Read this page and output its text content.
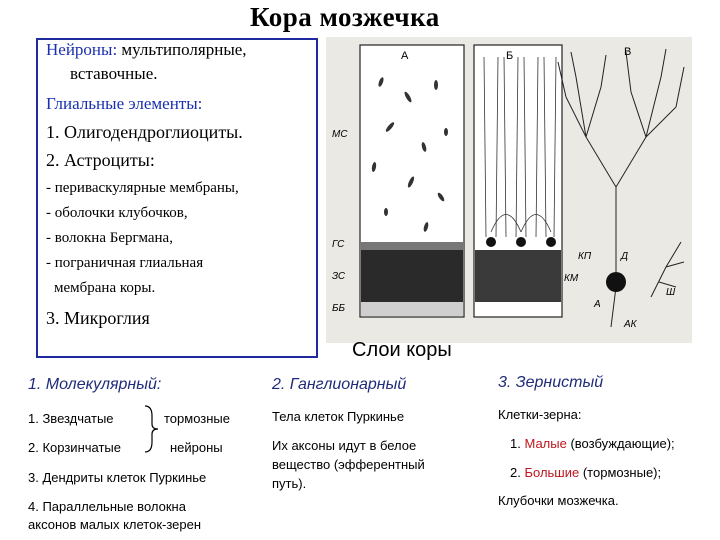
Кора мозжечка
Нейроны: мультиполярные,
вставочные.
Глиальные элементы:
1. Олигодендроглиоциты.
2. Астроциты:
- периваскулярные мембраны,
- оболочки клубочков,
- волокна Бергмана,
- пограничная глиальная
мембрана коры.
3. Микроглия
А	Б	В
МС
ГС
ЗС
ББ
КП	Д
КМ
А
АК
Ш
Слои коры
1. Молекулярный:
1. Звездчатые	тормозные
2. Корзинчатые	нейроны
3. Дендриты клеток Пуркинье
4. Параллельные волокна
аксонов малых клеток-зерен
2. Ганглионарный
Тела клеток Пуркинье
Их аксоны идут в белое
вещество (эфферентный
путь).
3. Зернистый
Клетки-зерна:
1. Малые (возбуждающие);
2. Большие (тормозные);
Клубочки мозжечка.
